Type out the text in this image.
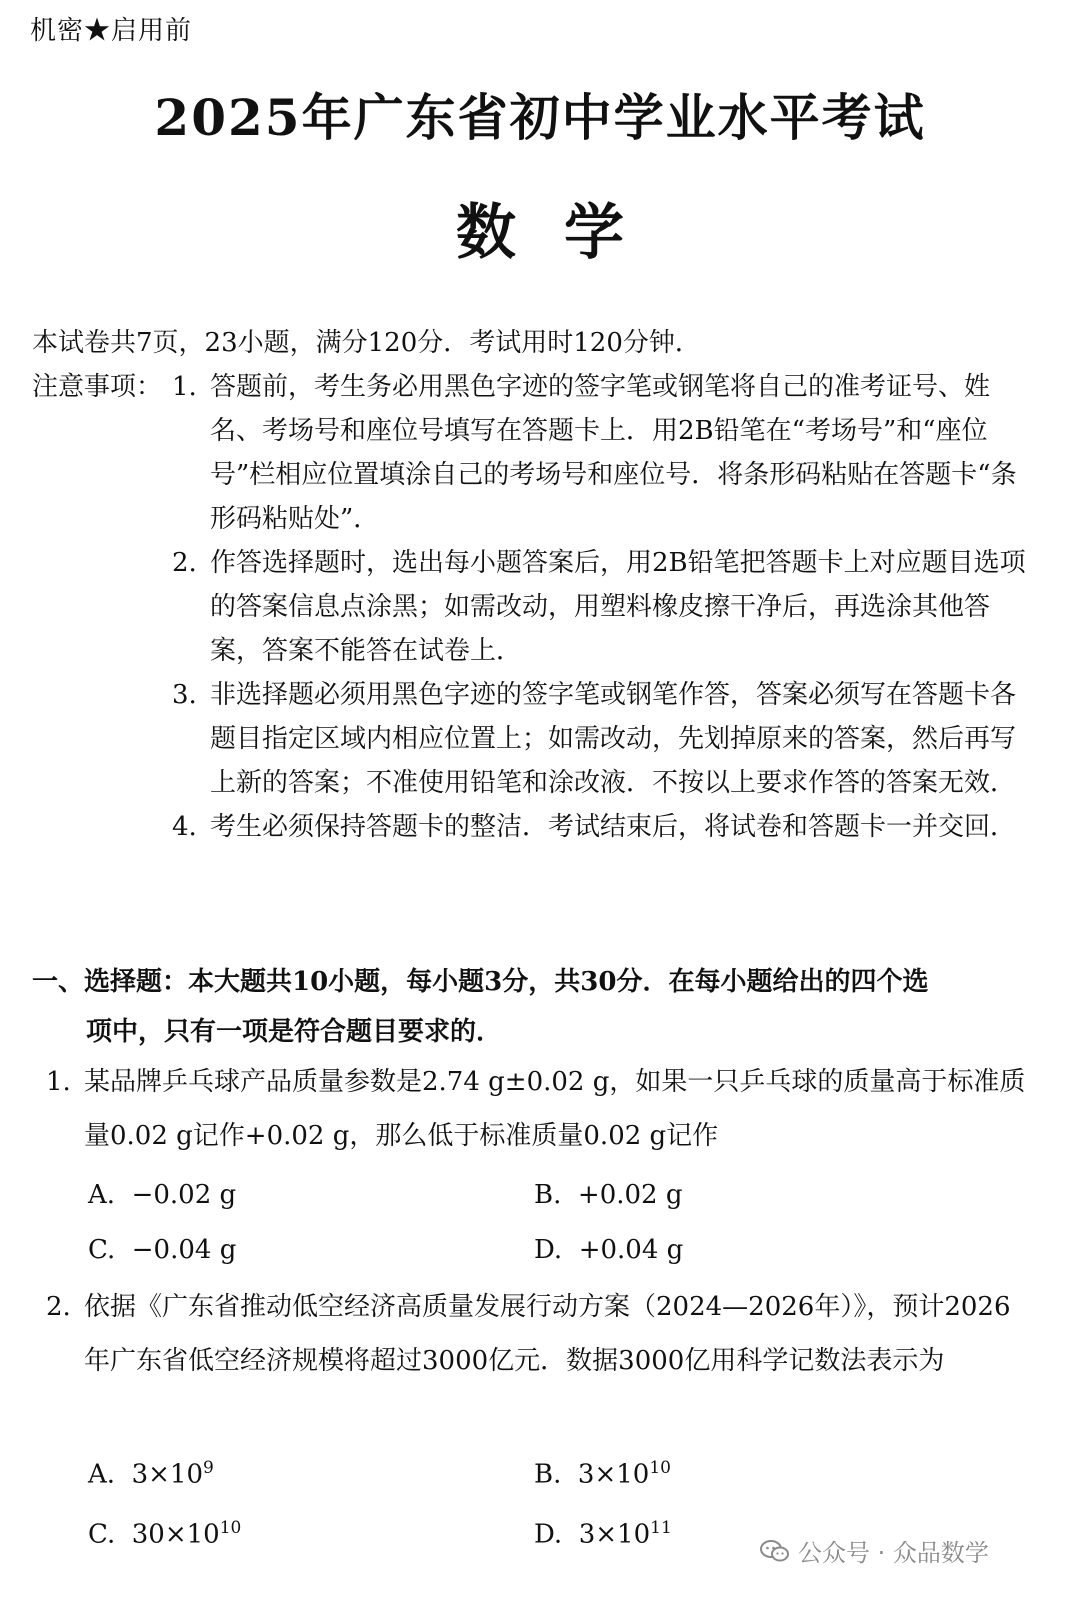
机密★启用前
2025年广东省初中学业水平考试
数学
本试卷共7页，23小题，满分120分．考试用时120分钟．
注意事项： 1. 答题前，考生务必用黑色字迹的签字笔或钢笔将自己的准考证号、姓名、考场号和座位号填写在答题卡上．用2B铅笔在“考场号”和“座位号”栏相应位置填涂自己的考场号和座位号．将条形码粘贴在答题卡“条形码粘贴处”．
2. 作答选择题时，选出每小题答案后，用2B铅笔把答题卡上对应题目选项的答案信息点涂黑；如需改动，用塑料橡皮擦干净后，再选涂其他答案，答案不能答在试卷上．
3. 非选择题必须用黑色字迹的签字笔或钢笔作答，答案必须写在答题卡各题目指定区域内相应位置上；如需改动，先划掉原来的答案，然后再写上新的答案；不准使用铅笔和涂改液．不按以上要求作答的答案无效．
4. 考生必须保持答题卡的整洁．考试结束后，将试卷和答题卡一并交回．
一、选择题：本大题共10小题，每小题3分，共30分．在每小题给出的四个选
项中，只有一项是符合题目要求的．
1. 某品牌乒乓球产品质量参数是2.74 g±0.02 g，如果一只乒乓球的质量高于标准质量0.02 g记作+0.02 g，那么低于标准质量0.02 g记作
A. −0.02 g	B. +0.02 g
C. −0.04 g	D. +0.04 g
2. 依据《广东省推动低空经济高质量发展行动方案（2024—2026年）》，预计2026年广东省低空经济规模将超过3000亿元．数据3000亿用科学记数法表示为
A. $3\times 10^9$	B. $3\times 10^{10}$
C. $30\times 10^{10}$	D. $3\times 10^{11}$
公众号 · 众品数学
